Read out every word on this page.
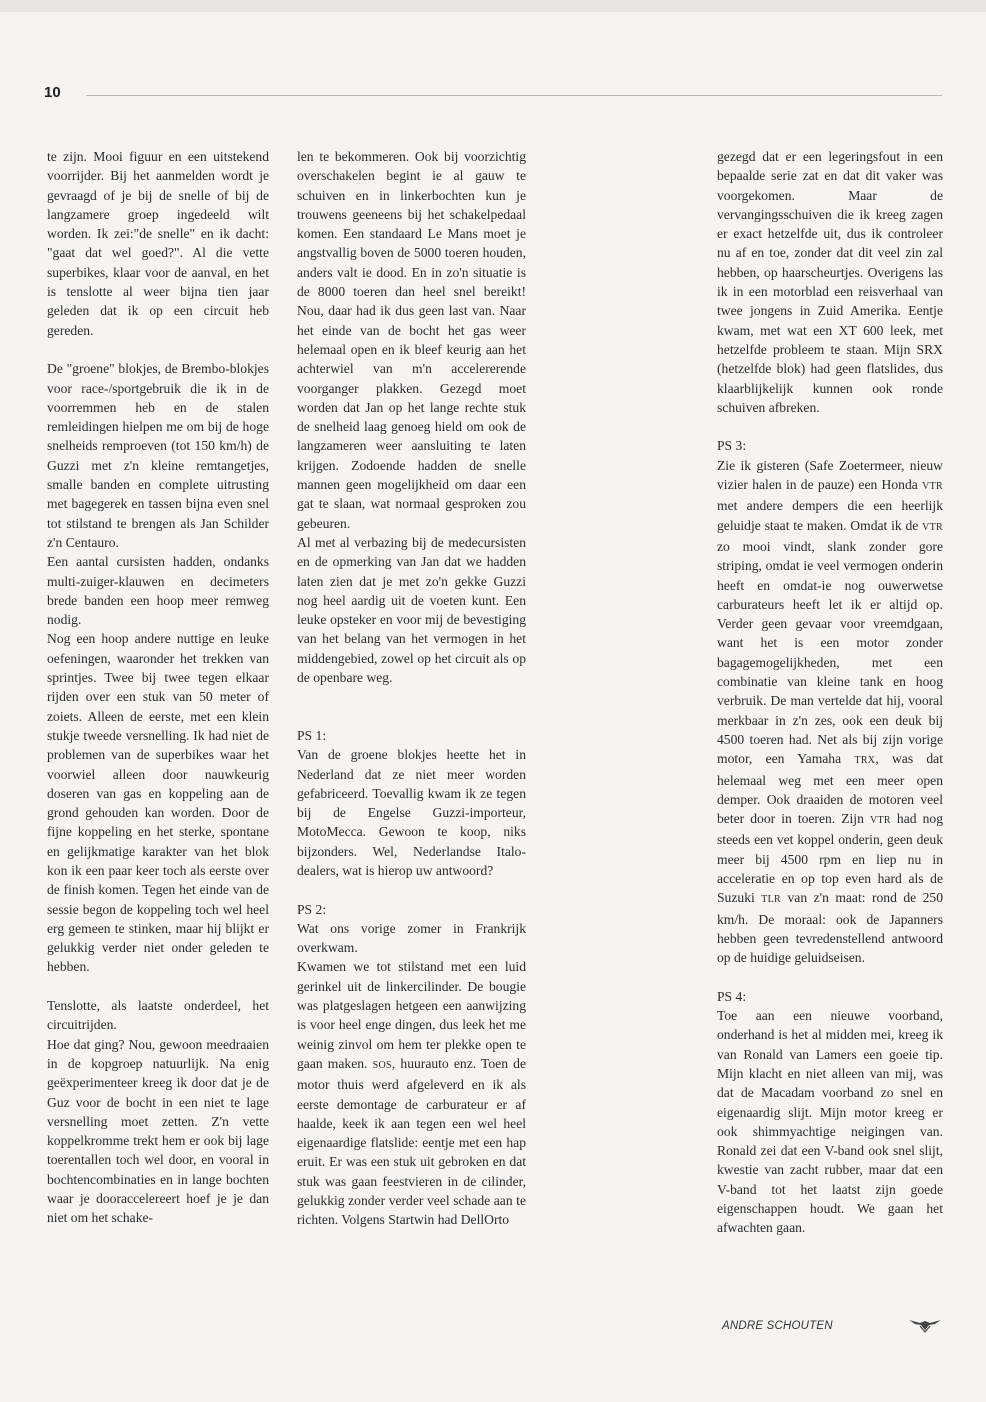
10

te zijn. Mooi figuur en een uitstekend voorrijder. Bij het aanmelden wordt je gevraagd of je bij de snelle of bij de langzamere groep ingedeeld wilt worden. Ik zei:"de snelle" en ik dacht: "gaat dat wel goed?". Al die vette superbikes, klaar voor de aanval, en het is tenslotte al weer bijna tien jaar geleden dat ik op een circuit heb gereden.

De "groene" blokjes, de Brembo-blokjes voor race-/sportgebruik die ik in de voorremmen heb en de stalen remleidingen hielpen me om bij de hoge snelheids remproeven (tot 150 km/h) de Guzzi met z'n kleine remtangetjes, smalle banden en complete uitrusting met bagegerek en tassen bijna even snel tot stilstand te brengen als Jan Schilder z'n Centauro.

Een aantal cursisten hadden, ondanks multi-zuiger-klauwen en decimeters brede banden een hoop meer remweg nodig.

Nog een hoop andere nuttige en leuke oefeningen, waaronder het trekken van sprintjes. Twee bij twee tegen elkaar rijden over een stuk van 50 meter of zoiets. Alleen de eerste, met een klein stukje tweede versnelling. Ik had niet de problemen van de superbikes waar het voorwiel alleen door nauwkeurig doseren van gas en koppeling aan de grond gehouden kan worden. Door de fijne koppeling en het sterke, spontane en gelijkmatige karakter van het blok kon ik een paar keer toch als eerste over de finish komen. Tegen het einde van de sessie begon de koppeling toch wel heel erg gemeen te stinken, maar hij blijkt er gelukkig verder niet onder geleden te hebben.

Tenslotte, als laatste onderdeel, het circuitrijden.

Hoe dat ging? Nou, gewoon meedraaien in de kopgroep natuurlijk. Na enig geëxperimenteer kreeg ik door dat je de Guz voor de bocht in een niet te lage versnelling moet zetten. Z'n vette koppelkromme trekt hem er ook bij lage toerentallen toch wel door, en vooral in bochtencombinaties en in lange bochten waar je dooraccelereert hoef je je dan niet om het schake-

len te bekommeren. Ook bij voorzichtig overschakelen begint ie al gauw te schuiven en in linkerbochten kun je trouwens geeneens bij het schakelpedaal komen. Een standaard Le Mans moet je angstvallig boven de 5000 toeren houden, anders valt ie dood. En in zo'n situatie is de 8000 toeren dan heel snel bereikt! Nou, daar had ik dus geen last van. Naar het einde van de bocht het gas weer helemaal open en ik bleef keurig aan het achterwiel van m'n accelererende voorganger plakken. Gezegd moet worden dat Jan op het lange rechte stuk de snelheid laag genoeg hield om ook de langzameren weer aansluiting te laten krijgen. Zodoende hadden de snelle mannen geen mogelijkheid om daar een gat te slaan, wat normaal gesproken zou gebeuren.

Al met al verbazing bij de medecursisten en de opmerking van Jan dat we hadden laten zien dat je met zo'n gekke Guzzi nog heel aardig uit de voeten kunt. Een leuke opsteker en voor mij de bevestiging van het belang van het vermogen in het middengebied, zowel op het circuit als op de openbare weg.

PS 1:

Van de groene blokjes heette het in Nederland dat ze niet meer worden gefabriceerd. Toevallig kwam ik ze tegen bij de Engelse Guzzi-importeur, MotoMecca. Gewoon te koop, niks bijzonders. Wel, Nederlandse Italo-dealers, wat is hierop uw antwoord?

PS 2:

Wat ons vorige zomer in Frankrijk overkwam.

Kwamen we tot stilstand met een luid gerinkel uit de linkercilinder. De bougie was platgeslagen hetgeen een aanwijzing is voor heel enge dingen, dus leek het me weinig zinvol om hem ter plekke open te gaan maken. SOS, huurauto enz. Toen de motor thuis werd afgeleverd en ik als eerste demontage de carburateur er af haalde, keek ik aan tegen een wel heel eigenaardige flatslide: eentje met een hap eruit. Er was een stuk uit gebroken en dat stuk was gaan feestvieren in de cilinder, gelukkig zonder verder veel schade aan te richten. Volgens Startwin had DellOrto

gezegd dat er een legeringsfout in een bepaalde serie zat en dat dit vaker was voorgekomen. Maar de vervangingsschuiven die ik kreeg zagen er exact hetzelfde uit, dus ik controleer nu af en toe, zonder dat dit veel zin zal hebben, op haarscheurtjes. Overigens las ik in een motorblad een reisverhaal van twee jongens in Zuid Amerika. Eentje kwam, met wat een XT 600 leek, met hetzelfde probleem te staan. Mijn SRX (hetzelfde blok) had geen flatslides, dus klaarblijkelijk kunnen ook ronde schuiven afbreken.

PS 3:

Zie ik gisteren (Safe Zoetermeer, nieuw vizier halen in de pauze) een Honda VTR met andere dempers die een heerlijk geluidje staat te maken. Omdat ik de VTR zo mooi vindt, slank zonder gore striping, omdat ie veel vermogen onderin heeft en omdat-ie nog ouwerwetse carburateurs heeft let ik er altijd op. Verder geen gevaar voor vreemdgaan, want het is een motor zonder bagagemogelijkheden, met een combinatie van kleine tank en hoog verbruik. De man vertelde dat hij, vooral merkbaar in z'n zes, ook een deuk bij 4500 toeren had. Net als bij zijn vorige motor, een Yamaha TRX, was dat helemaal weg met een meer open demper. Ook draaiden de motoren veel beter door in toeren. Zijn VTR had nog steeds een vet koppel onderin, geen deuk meer bij 4500 rpm en liep nu in acceleratie en op top even hard als de Suzuki TLR van z'n maat: rond de 250 km/h. De moraal: ook de Japanners hebben geen tevredenstellend antwoord op de huidige geluidseisen.

PS 4:

Toe aan een nieuwe voorband, onderhand is het al midden mei, kreeg ik van Ronald van Lamers een goeie tip. Mijn klacht en niet alleen van mij, was dat de Macadam voorband zo snel en eigenaardig slijt. Mijn motor kreeg er ook shimmyachtige neigingen van. Ronald zei dat een V-band ook snel slijt, kwestie van zacht rubber, maar dat een V-band tot het laatst zijn goede eigenschappen houdt. We gaan het afwachten gaan.

ANDRE SCHOUTEN
